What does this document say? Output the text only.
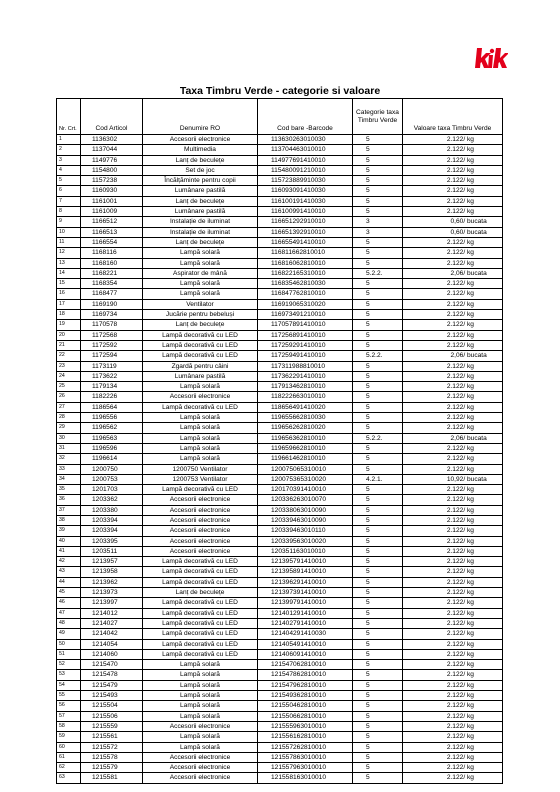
Taxa Timbru Verde - categorie si valoare
Nr. Crt.	Cod Articol	Denumire RO	Cod bare -Barcode	Categorie taxa Timbru Verde	Valoare taxa Timbru Verde
1	1136302	Accesorii electronice	113630263010030	5	2.122/ kg
2	1137044	Multimedia	113704463010010	5	2.122/ kg
3	1149776	Lanț de beculețe	114977691410010	5	2.122/ kg
4	1154800	Set de joc	115480091210010	5	2.122/ kg
5	1157238	Încălțăminte pentru copii	115723889910030	5	2.122/ kg
6	1160930	Lumânare pastilă	116093091410030	5	2.122/ kg
7	1161001	Lanț de beculețe	116100191410030	5	2.122/ kg
8	1161009	Lumânare pastilă	116100991410010	5	2.122/ kg
9	1166512	Instalație de iluminat	116651292910010	3	0,60/ bucata
10	1166513	Instalație de iluminat	116651392910010	3	0,60/ bucata
11	1166554	Lanț de beculețe	116655491410010	5	2.122/ kg
12	1168116	Lampă solară	116811662810010	5	2.122/ kg
13	1168160	Lampă solară	116816062810010	5	2.122/ kg
14	1168221	Aspirator de mână	116822165310010	5.2.2.	2,06/ bucata
15	1168354	Lampă solară	116835462810030	5	2.122/ kg
16	1168477	Lampă solară	116847762810010	5	2.122/ kg
17	1169190	Ventilator	116919065310020	5	2.122/ kg
18	1169734	Jucărie pentru bebeluși	116973491210010	5	2.122/ kg
19	1170578	Lanț de beculețe	117057891410010	5	2.122/ kg
20	1172568	Lampă decorativă cu LED	117256891410010	5	2.122/ kg
21	1172592	Lampă decorativă cu LED	117259291410010	5	2.122/ kg
22	1172594	Lampă decorativă cu LED	117259491410010	5.2.2.	2,06/ bucata
23	1173119	Zgardă pentru câini	117311988810010	5	2.122/ kg
24	1173622	Lumânare pastilă	117362291410010	5	2.122/ kg
25	1179134	Lampă solară	117913462810010	5	2.122/ kg
26	1182226	Accesorii electronice	118222663010010	5	2.122/ kg
27	1186564	Lampă decorativă cu LED	118656491410020	5	2.122/ kg
28	1196556	Lampă solară	119655662810030	5	2.122/ kg
29	1196562	Lampă solară	119656262810020	5	2.122/ kg
30	1196563	Lampă solară	119656362810010	5.2.2.	2,06/ bucata
31	1196596	Lampă solară	119659662810010	5	2.122/ kg
32	1196614	Lampă solară	119661462810010	5	2.122/ kg
33	1200750	1200750 Ventilator	120075065310010	5	2.122/ kg
34	1200753	1200753 Ventilator	120075365310020	4.2.1.	10,92/ bucata
35	1201703	Lampă decorativă cu LED	120170391410010	5	2.122/ kg
36	1203362	Accesorii electronice	120336263010070	5	2.122/ kg
37	1203380	Accesorii electronice	120338063010090	5	2.122/ kg
38	1203394	Accesorii electronice	120339463010090	5	2.122/ kg
39	1203394	Accesorii electronice	120339463010110	5	2.122/ kg
40	1203395	Accesorii electronice	120339563010020	5	2.122/ kg
41	1203511	Accesorii electronice	120351163010010	5	2.122/ kg
42	1213957	Lampă decorativă cu LED	121395791410010	5	2.122/ kg
43	1213958	Lampă decorativă cu LED	121395891410010	5	2.122/ kg
44	1213962	Lampă decorativă cu LED	121396291410010	5	2.122/ kg
45	1213973	Lanț de beculețe	121397391410010	5	2.122/ kg
46	1213997	Lampă decorativă cu LED	121399791410010	5	2.122/ kg
47	1214012	Lampă decorativă cu LED	121401291410010	5	2.122/ kg
48	1214027	Lampă decorativă cu LED	121402791410010	5	2.122/ kg
49	1214042	Lampă decorativă cu LED	121404291410030	5	2.122/ kg
50	1214054	Lampă decorativă cu LED	121405491410010	5	2.122/ kg
51	1214060	Lampă decorativă cu LED	121406091410010	5	2.122/ kg
52	1215470	Lampă solară	121547062810010	5	2.122/ kg
53	1215478	Lampă solară	121547862810010	5	2.122/ kg
54	1215479	Lampă solară	121547962810010	5	2.122/ kg
55	1215493	Lampă solară	121549362810010	5	2.122/ kg
56	1215504	Lampă solară	121550462810010	5	2.122/ kg
57	1215506	Lampă solară	121550662810010	5	2.122/ kg
58	1215559	Accesorii electronice	121555963010010	5	2.122/ kg
59	1215561	Lampă solară	121556162810010	5	2.122/ kg
60	1215572	Lampă solară	121557262810010	5	2.122/ kg
61	1215578	Accesorii electronice	121557863010010	5	2.122/ kg
62	1215579	Accesorii electronice	121557963010010	5	2.122/ kg
63	1215581	Accesorii electronice	121558163010010	5	2.122/ kg
